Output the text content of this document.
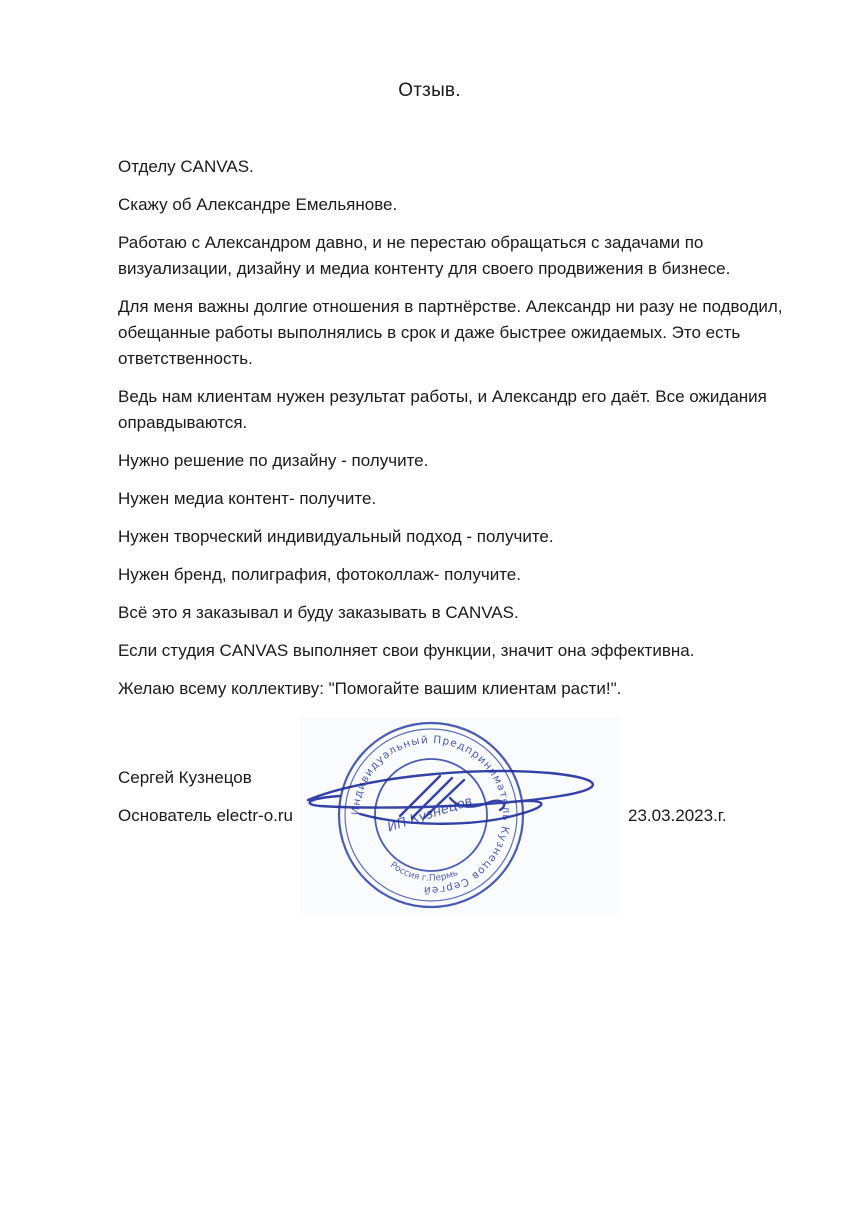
Отзыв.

Отделу CANVAS.

Скажу об Александре Емельянове.

Работаю с Александром давно, и не перестаю обращаться с задачами по визуализации, дизайну и медиа контенту для своего продвижения в бизнесе.

Для меня важны долгие отношения в партнёрстве. Александр ни разу не подводил, обещанные работы выполнялись в срок и даже быстрее ожидаемых. Это есть ответственность.

Ведь нам клиентам нужен результат работы, и Александр его даёт. Все ожидания оправдываются.

Нужно решение по дизайну - получите.

Нужен медиа контент- получите.

Нужен творческий индивидуальный подход - получите.

Нужен бренд, полиграфия, фотоколлаж- получите.

Всё это я заказывал и буду заказывать в CANVAS.

Если студия CANVAS выполняет свои функции, значит она эффективна.

Желаю всему коллективу: "Помогайте вашим клиентам расти!".

Индивидуальный Предприниматель Кузнецов Сергей
Россия г.Пермь
ИП Кузнецов
Сергей Кузнецов
Основатель electr-o.ru	23.03.2023.г.
